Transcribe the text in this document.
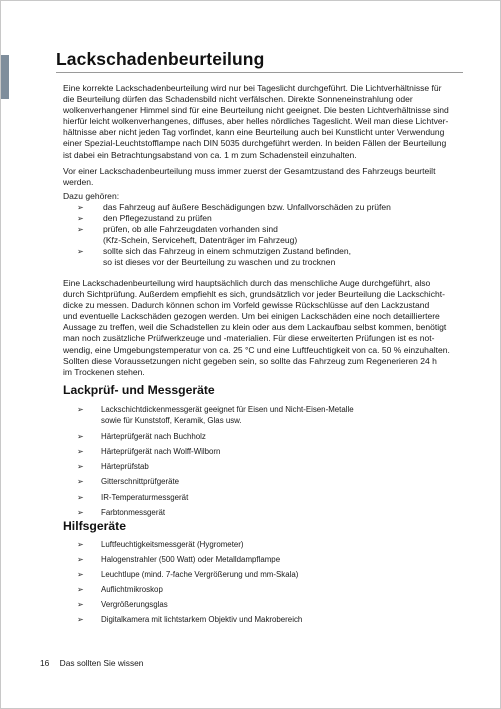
Lackschadenbeurteilung
Eine korrekte Lackschadenbeurteilung wird nur bei Tageslicht durchgeführt. Die Lichtverhältnisse für
die Beurteilung dürfen das Schadensbild nicht verfälschen. Direkte Sonneneinstrahlung oder
wolkenverhangener Himmel sind für eine Beurteilung nicht geeignet. Die besten Lichtverhältnisse sind
hierfür leicht wolkenverhangenes, diffuses, aber helles nördliches Tageslicht. Weil man diese Lichtver-
hältnisse aber nicht jeden Tag vorfindet, kann eine Beurteilung auch bei Kunstlicht unter Verwendung
einer Spezial-Leuchtstofflampe nach DIN 5035 durchgeführt werden. In beiden Fällen der Beurteilung
ist dabei ein Betrachtungsabstand von ca. 1 m zum Schadensteil einzuhalten.
Vor einer Lackschadenbeurteilung muss immer zuerst der Gesamtzustand des Fahrzeugs beurteilt
werden.
Dazu gehören:
➢	das Fahrzeug auf äußere Beschädigungen bzw. Unfallvorschäden zu prüfen
➢	den Pflegezustand zu prüfen
➢	prüfen, ob alle Fahrzeugdaten vorhanden sind
(Kfz-Schein, Serviceheft, Datenträger im Fahrzeug)
➢	sollte sich das Fahrzeug in einem schmutzigen Zustand befinden,
so ist dieses vor der Beurteilung zu waschen und zu trocknen
Eine Lackschadenbeurteilung wird hauptsächlich durch das menschliche Auge durchgeführt, also
durch Sichtprüfung. Außerdem empfiehlt es sich, grundsätzlich vor jeder Beurteilung die Lackschicht-
dicke zu messen. Dadurch können schon im Vorfeld gewisse Rückschlüsse auf den Lackzustand
und eventuelle Lackschäden gezogen werden. Um bei einigen Lackschäden eine noch detailliertere
Aussage zu treffen, weil die Schadstellen zu klein oder aus dem Lackaufbau selbst kommen, benötigt
man noch zusätzliche Prüfwerkzeuge und -materialien. Für diese erweiterten Prüfungen ist es not-
wendig, eine Umgebungstemperatur von ca. 25 °C und eine Luftfeuchtigkeit von ca. 50 % einzuhalten.
Sollten diese Voraussetzungen nicht gegeben sein, so sollte das Fahrzeug zum Regenerieren 24 h
im Trockenen stehen.
Lackprüf- und Messgeräte
➢	Lackschichtdickenmessgerät geeignet für Eisen und Nicht-Eisen-Metalle
sowie für Kunststoff, Keramik, Glas usw.
➢	Härteprüfgerät nach Buchholz
➢	Härteprüfgerät nach Wolff-Wilborn
➢	Härteprüfstab
➢	Gitterschnittprüfgeräte
➢	IR-Temperaturmessgerät
➢	Farbtonmessgerät
Hilfsgeräte
➢	Luftfeuchtigkeitsmessgerät (Hygrometer)
➢	Halogenstrahler (500 Watt) oder Metalldampflampe
➢	Leuchtlupe (mind. 7-fache Vergrößerung und mm-Skala)
➢	Auflichtmikroskop
➢	Vergrößerungsglas
➢	Digitalkamera mit lichtstarkem Objektiv und Makrobereich
16 Das sollten Sie wissen
